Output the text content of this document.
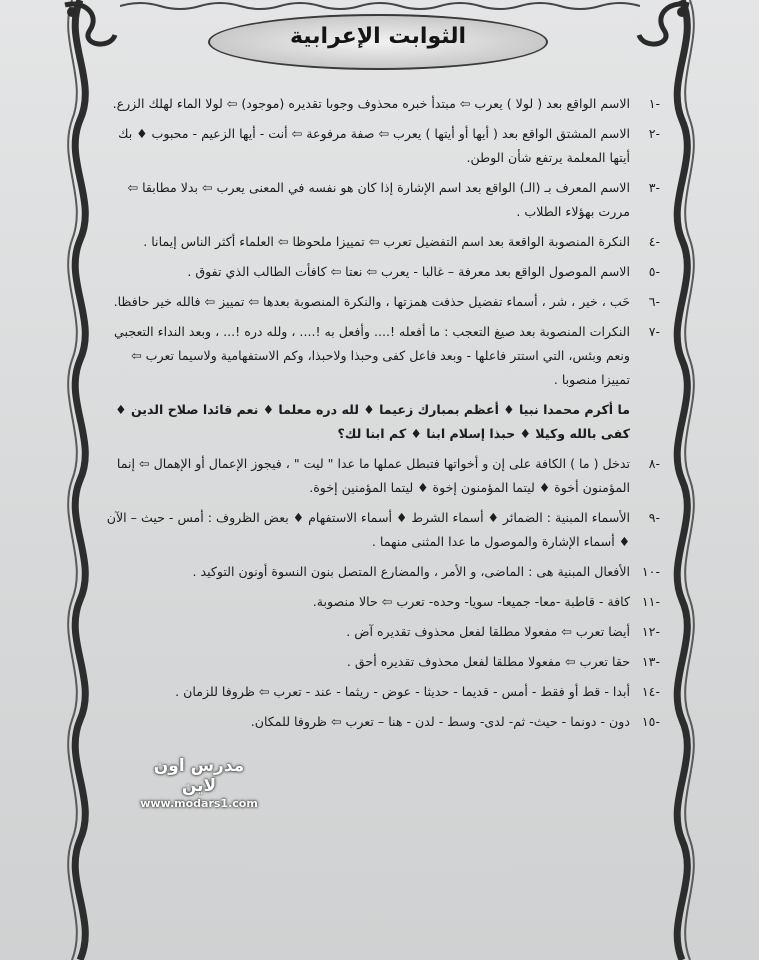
الثوابت الإعرابية
-١
الاسم الواقع بعد ( لولا ) يعرب ⇦ مبتدأ خبره محذوف وجوبا تقديره (موجود) ⇦ لولا الماء لهلك الزرع.
-٢
الاسم المشتق الواقع بعد ( أيها أو أيتها ) يعرب ⇦ صفة مرفوعة ⇦ أنت - أيها الزعيم - محبوب ♦ بك أيتها المعلمة يرتفع شأن الوطن.
-٣
الاسم المعرف بـ (الـ) الواقع بعد اسم الإشارة إذا كان هو نفسه في المعنى يعرب ⇦ بدلا مطابقا ⇦ مررت بهؤلاء الطلاب .
-٤
النكرة المنصوبة الواقعة بعد اسم التفضيل تعرب ⇦ تمييزا ملحوظا ⇦ العلماء أكثر الناس إيمانا .
-٥
الاسم الموصول الواقع بعد معرفة – غالبا - يعرب ⇦ نعتا ⇦ كافأت الطالب الذي تفوق .
-٦
حَب ، خير ، شر ، أسماء تفضيل حذفت همزتها ، والنكرة المنصوبة بعدها ⇦ تمييز ⇦ فالله خير حافظا.
-٧
النكرات المنصوبة بعد صيغ التعجب : ما أفعله !.... وأفعل به !.... ، ولله دره !... ، وبعد النداء التعجبي ونعم وبئس، التي استتر فاعلها - وبعد فاعل كفى وحبذا ولاحبذا، وكم الاستفهامية ولاسيما تعرب ⇦ تمييزا منصوبا .
ما أكرم محمدا نبيا ♦ أعظم بمبارك زعيما ♦ لله دره معلما ♦ نعم قائدا صلاح الدين ♦ كفى بالله وكيلا ♦ حبذا إسلام ابنا ♦ كم ابنا لك؟
-٨
تدخل ( ما ) الكافة على إن و أخواتها فتبطل عملها ما عدا " ليت " ، فيجوز الإعمال أو الإهمال ⇦ إنما المؤمنون أخوة ♦ ليتما المؤمنون إخوة ♦ ليتما المؤمنين إخوة.
-٩
الأسماء المبنية : الضمائر ♦ أسماء الشرط ♦ أسماء الاستفهام ♦ بعض الظروف : أمس - حيث – الآن ♦ أسماء الإشارة والموصول ما عدا المثنى منهما .
-١٠
الأفعال المبنية هى : الماضى، و الأمر ، والمضارع المتصل بنون النسوة أونون التوكيد .
-١١
كافة - قاطبة -معا- جميعا- سويا- وحده- تعرب ⇦ حالا منصوبة.
-١٢
أيضا تعرب ⇦ مفعولا مطلقا لفعل محذوف تقديره آض .
-١٣
حقا تعرب ⇦ مفعولا مطلقا لفعل محذوف تقديره أحق .
-١٤
أبدا - قط أو فقط - أمس - قديما - حديثا - عوض - ريثما - عند - تعرب ⇦ ظروفا للزمان .
-١٥
دون - دونما - حيث- ثم- لدى- وسط - لدن - هنا – تعرب ⇦ ظروفا للمكان.
مدرس اون لاين
www.modars1.com
